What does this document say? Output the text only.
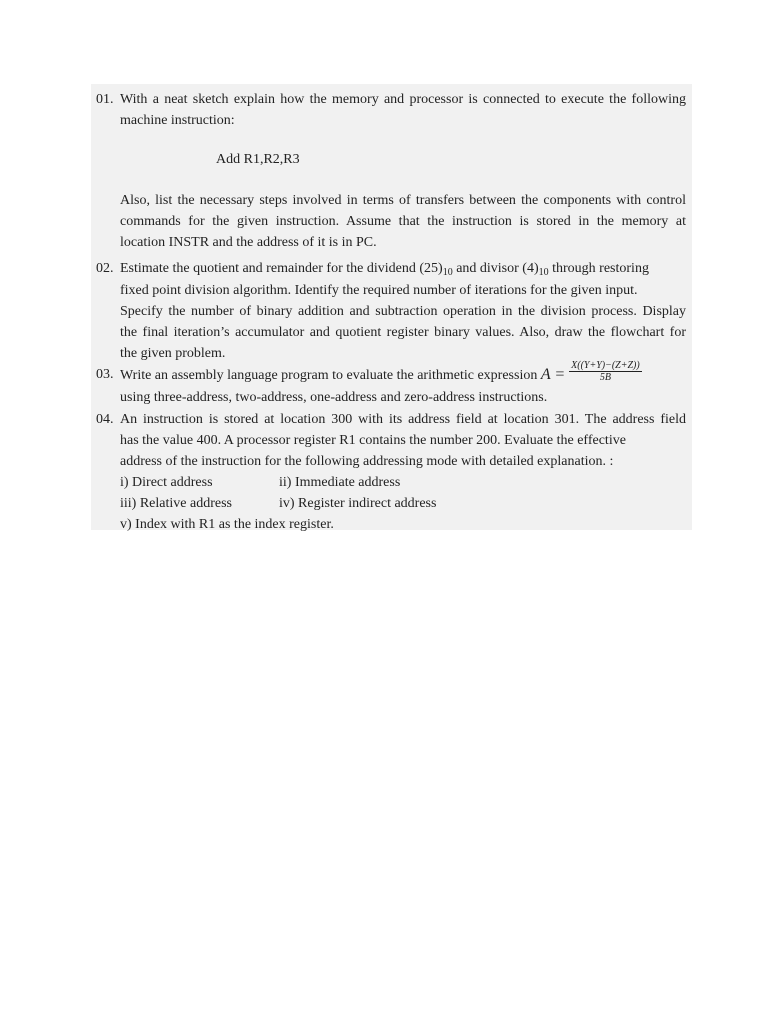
01. With a neat sketch explain how the memory and processor is connected to execute the following
machine instruction:
Add R1,R2,R3
Also, list the necessary steps involved in terms of transfers between the components with control
commands for the given instruction. Assume that the instruction is stored in the memory at
location INSTR and the address of it is in PC.
02. Estimate the quotient and remainder for the dividend $(25)_{10}$ and divisor $(4)_{10}$ through restoring
fixed point division algorithm. Identify the required number of iterations for the given input.
Specify the number of binary addition and subtraction operation in the division process. Display
the final iteration’s accumulator and quotient register binary values. Also, draw the flowchart for
the given problem.
03. Write an assembly language program to evaluate the arithmetic expression $A = \frac{X((Y+Y)-(Z+Z))}{5B}$
using three-address, two-address, one-address and zero-address instructions.
04. An instruction is stored at location 300 with its address field at location 301. The address field
has the value 400. A processor register R1 contains the number 200. Evaluate the effective
address of the instruction for the following addressing mode with detailed explanation. :
i) Direct address	ii) Immediate address
iii) Relative address	iv) Register indirect address
v) Index with R1 as the index register.
